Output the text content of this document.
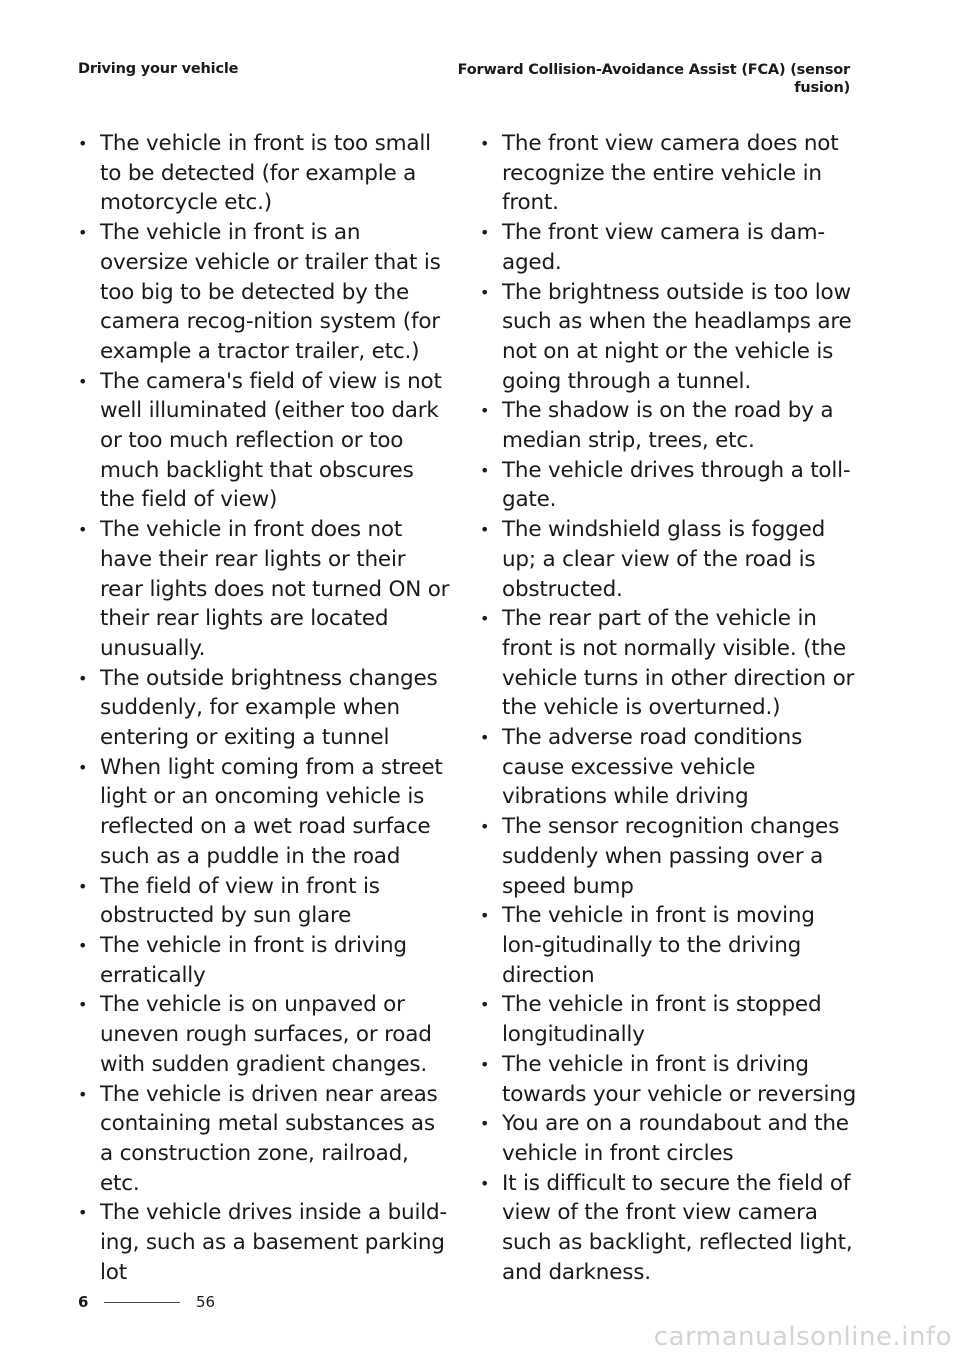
Driving your vehicle	Forward Collision-Avoidance Assist (FCA) (sensor fusion)
• The vehicle in front is too small to be detected (for example a motorcycle etc.)
• The vehicle in front is an oversize vehicle or trailer that is too big to be detected by the camera recog-nition system (for example a tractor trailer, etc.)
• The camera's field of view is not well illuminated (either too dark or too much reflection or too much backlight that obscures the field of view)
• The vehicle in front does not have their rear lights or their rear lights does not turned ON or their rear lights are located unusually.
• The outside brightness changes suddenly, for example when entering or exiting a tunnel
• When light coming from a street light or an oncoming vehicle is reflected on a wet road surface such as a puddle in the road
• The field of view in front is obstructed by sun glare
• The vehicle in front is driving erratically
• The vehicle is on unpaved or uneven rough surfaces, or road with sudden gradient changes.
• The vehicle is driven near areas containing metal substances as a construction zone, railroad, etc.
• The vehicle drives inside a build-ing, such as a basement parking lot
• The front view camera does not recognize the entire vehicle in front.
• The front view camera is dam-aged.
• The brightness outside is too low such as when the headlamps are not on at night or the vehicle is going through a tunnel.
• The shadow is on the road by a median strip, trees, etc.
• The vehicle drives through a toll-gate.
• The windshield glass is fogged up; a clear view of the road is obstructed.
• The rear part of the vehicle in front is not normally visible. (the vehicle turns in other direction or the vehicle is overturned.)
• The adverse road conditions cause excessive vehicle vibrations while driving
• The sensor recognition changes suddenly when passing over a speed bump
• The vehicle in front is moving lon-gitudinally to the driving direction
• The vehicle in front is stopped longitudinally
• The vehicle in front is driving towards your vehicle or reversing
• You are on a roundabout and the vehicle in front circles
• It is difficult to secure the field of view of the front view camera such as backlight, reflected light, and darkness.
6	56
carmanualsonline.info
